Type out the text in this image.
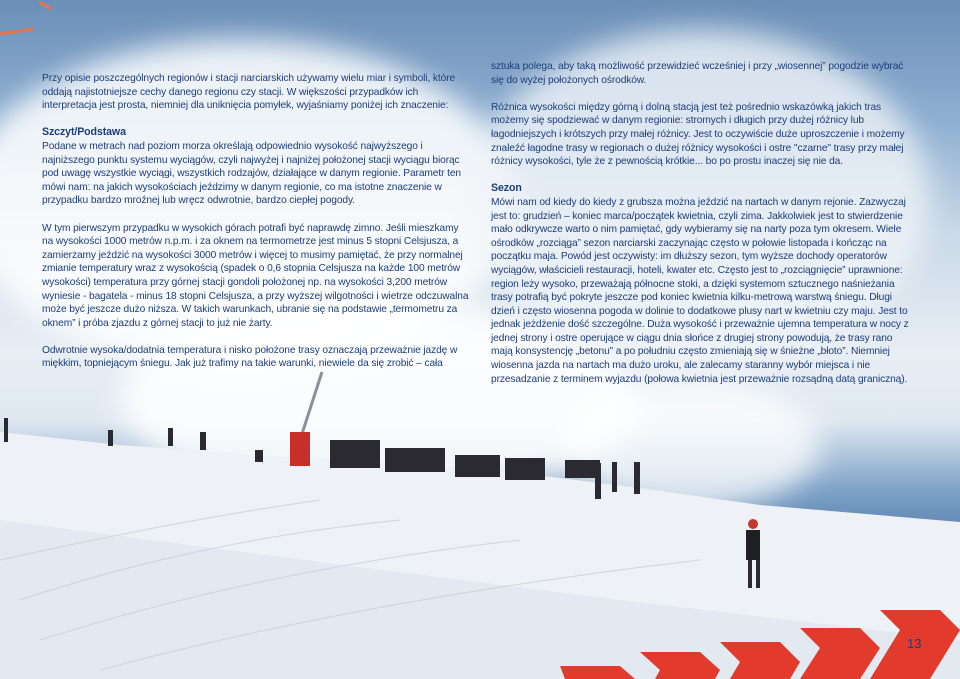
Przy opisie poszczególnych regionów i stacji narciarskich używamy wielu miar i symboli, które oddają najistotniejsze cechy danego regionu czy stacji. W większości przypadków ich interpretacja jest prosta, niemniej dla uniknięcia pomyłek, wyjaśniamy poniżej ich znaczenie:

Szczyt/Podstawa

Podane w metrach nad poziom morza określają odpowiednio wysokość najwyższego i najniższego punktu systemu wyciągów, czyli najwyżej i najniżej położonej stacji wyciągu biorąc pod uwagę wszystkie wyciągi, wszystkich rodzajów, działające w danym regionie. Parametr ten mówi nam: na jakich wysokościach jeździmy w danym regionie, co ma istotne znaczenie w przypadku bardzo mroźnej lub wręcz odwrotnie, bardzo ciepłej pogody.

W tym pierwszym przypadku w wysokich górach potrafi być naprawdę zimno. Jeśli mieszkamy na wysokości 1000 metrów n.p.m. i za oknem na termometrze jest minus 5 stopni Celsjusza, a zamierzamy jeździć na wysokości 3000 metrów i więcej to musimy pamiętać, że przy normalnej zmianie temperatury wraz z wysokością (spadek o 0,6 stopnia Celsjusza na każde 100 metrów wysokości) temperatura przy górnej stacji gondoli położonej np. na wysokości 3,200 metrów wyniesie - bagatela - minus 18 stopni Celsjusza, a przy wyższej wilgotności i wietrze odczuwalna może być jeszcze dużo niższa. W takich warunkach, ubranie się na podstawie „termometru za oknem” i próba zjazdu z górnej stacji to już nie żarty.

Odwrotnie wysoka/dodatnia temperatura i nisko położone trasy oznaczają przeważnie jazdę w miękkim, topniejącym śniegu. Jak już trafimy na takie warunki, niewiele da się zrobić – cała

sztuka polega, aby taką możliwość przewidzieć wcześniej i przy „wiosennej” pogodzie wybrać się do wyżej położonych ośrodków.

Różnica wysokości między górną i dolną stacją jest też pośrednio wskazówką jakich tras możemy się spodziewać w danym regionie: stromych i długich przy dużej różnicy lub łagodniejszych i krótszych przy małej różnicy. Jest to oczywiście duże uproszczenie i możemy znaleźć łagodne trasy w regionach o dużej różnicy wysokości i ostre "czarne" trasy przy małej różnicy wysokości, tyle że z pewnością krótkie... bo po prostu inaczej się nie da.

Sezon

Mówi nam od kiedy do kiedy z grubsza można jeździć na nartach w danym rejonie. Zazwyczaj jest to: grudzień – koniec marca/początek kwietnia, czyli zima. Jakkolwiek jest to stwierdzenie mało odkrywcze warto o nim pamiętać, gdy wybieramy się na narty poza tym okresem. Wiele ośrodków „rozciąga” sezon narciarski zaczynając często w połowie listopada i kończąc na początku maja. Powód jest oczywisty: im dłuższy sezon, tym wyższe dochody operatorów wyciągów, właścicieli restauracji, hoteli, kwater etc. Często jest to „rozciągnięcie” uprawnione: region leży wysoko, przeważają północne stoki, a dzięki systemom sztucznego naśnieżania trasy potrafią być pokryte jeszcze pod koniec kwietnia kilku-metrową warstwą śniegu. Długi dzień i często wiosenna pogoda w dolinie to dodatkowe plusy nart w kwietniu czy maju. Jest to jednak jeżdżenie dość szczególne. Duża wysokość i przeważnie ujemna temperatura w nocy z jednej strony i ostre operujące w ciągu dnia słońce z drugiej strony powodują, że trasy rano mają konsystencję „betonu” a po południu często zmieniają się w śnieżne „błoto”. Niemniej wiosenna jazda na nartach ma dużo uroku, ale zalecamy staranny wybór miejsca i nie przesadzanie z terminem wyjazdu (połowa kwietnia jest przeważnie rozsądną datą graniczną).

13
